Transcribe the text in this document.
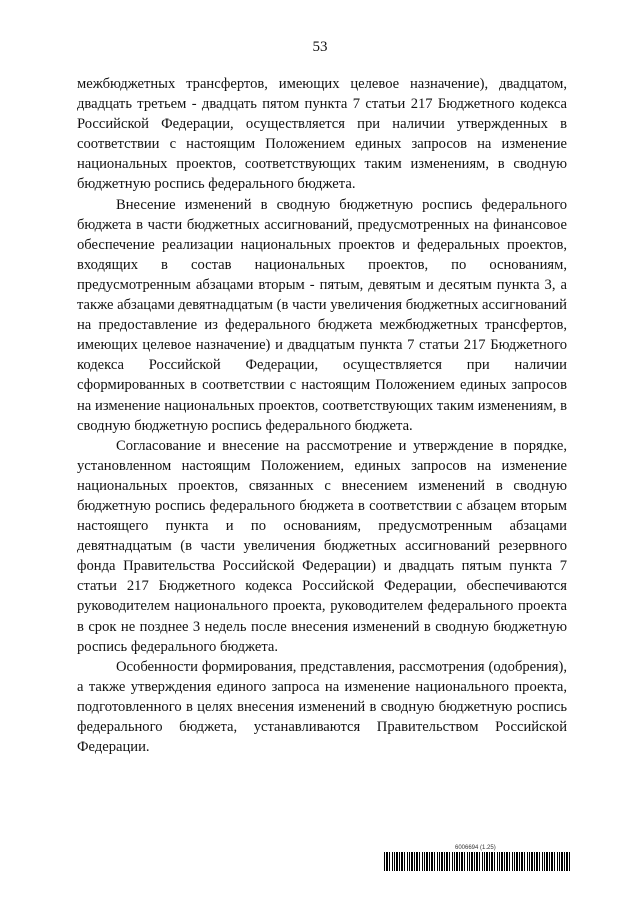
53

межбюджетных трансфертов, имеющих целевое назначение), двадцатом, двадцать третьем - двадцать пятом пункта 7 статьи 217 Бюджетного кодекса Российской Федерации, осуществляется при наличии утвержденных в соответствии с настоящим Положением единых запросов на изменение национальных проектов, соответствующих таким изменениям, в сводную бюджетную роспись федерального бюджета.

Внесение изменений в сводную бюджетную роспись федерального бюджета в части бюджетных ассигнований, предусмотренных на финансовое обеспечение реализации национальных проектов и федеральных проектов, входящих в состав национальных проектов, по основаниям, предусмотренным абзацами вторым - пятым, девятым и десятым пункта 3, а также абзацами девятнадцатым (в части увеличения бюджетных ассигнований на предоставление из федерального бюджета межбюджетных трансфертов, имеющих целевое назначение) и двадцатым пункта 7 статьи 217 Бюджетного кодекса Российской Федерации, осуществляется при наличии сформированных в соответствии с настоящим Положением единых запросов на изменение национальных проектов, соответствующих таким изменениям, в сводную бюджетную роспись федерального бюджета.

Согласование и внесение на рассмотрение и утверждение в порядке, установленном настоящим Положением, единых запросов на изменение национальных проектов, связанных с внесением изменений в сводную бюджетную роспись федерального бюджета в соответствии с абзацем вторым настоящего пункта и по основаниям, предусмотренным абзацами девятнадцатым (в части увеличения бюджетных ассигнований резервного фонда Правительства Российской Федерации) и двадцать пятым пункта 7 статьи 217 Бюджетного кодекса Российской Федерации, обеспечиваются руководителем национального проекта, руководителем федерального проекта в срок не позднее 3 недель после внесения изменений в сводную бюджетную роспись федерального бюджета.

Особенности формирования, представления, рассмотрения (одобрения), а также утверждения единого запроса на изменение национального проекта, подготовленного в целях внесения изменений в сводную бюджетную роспись федерального бюджета, устанавливаются Правительством Российской Федерации.

6006694 (1.25)
